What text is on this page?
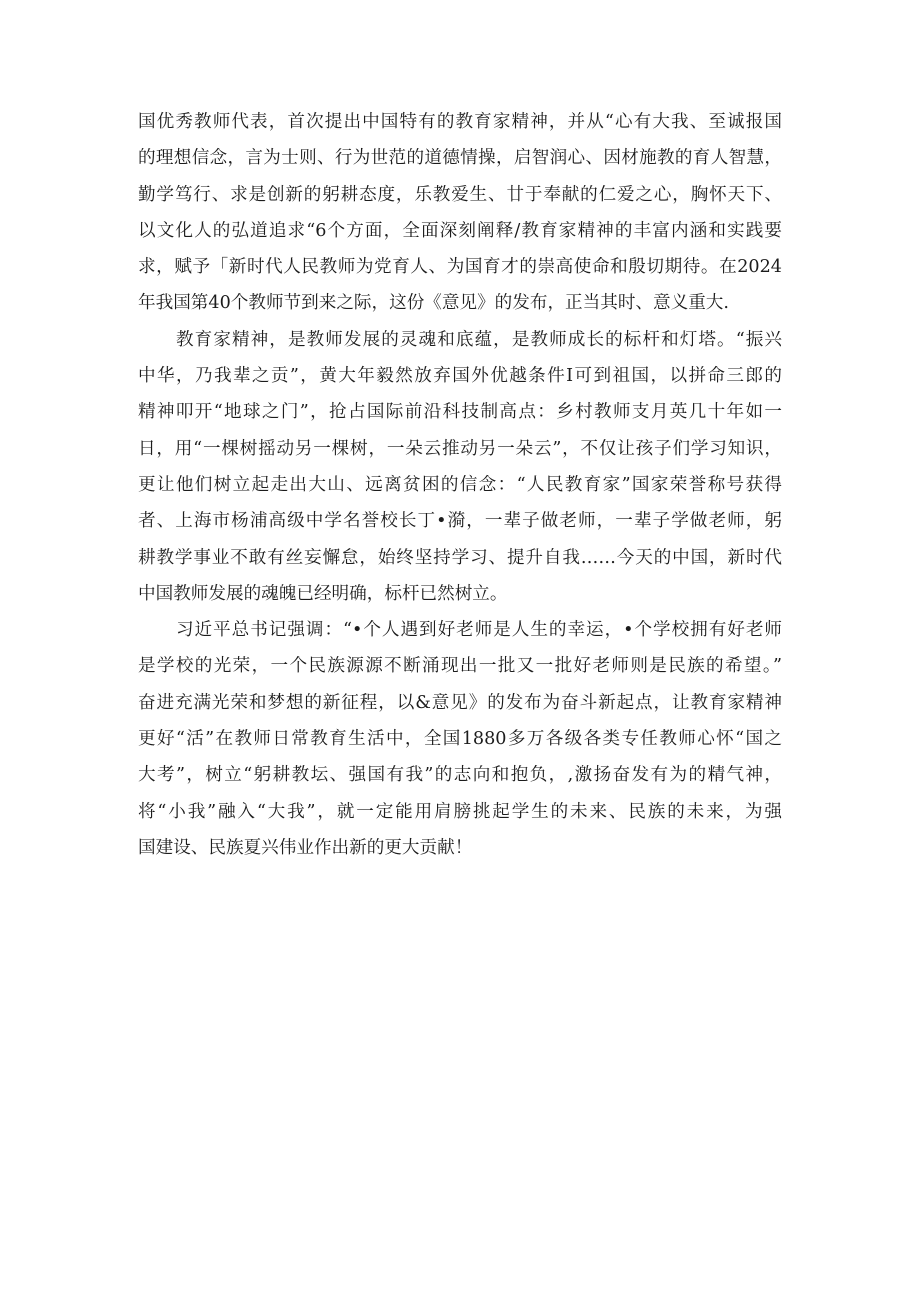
国优秀教师代表，首次提出中国特有的教育家精神，并从“心有大我、至诚报国
的理想信念，言为士则、行为世范的道德情操，启智润心、因材施教的育人智慧，
勤学笃行、求是创新的躬耕态度，乐教爱生、廿于奉献的仁爱之心，胸怀天下、
以文化人的弘道追求“6个方面，全面深刻阐释/教育家精神的丰富内涵和实践要
求，赋予「新时代人民教师为党育人、为国育才的崇高使命和殷切期待。在2024
年我国第40个教师节到来之际，这份《意见》的发布，正当其时、意义重大.
教育家精神，是教师发展的灵魂和底蕴，是教师成长的标杆和灯塔。“振兴
中华，乃我辈之贡”，黄大年毅然放弃国外优越条件I可到祖国，以拼命三郎的
精神叩开“地球之门”，抢占国际前沿科技制高点：乡村教师支月英几十年如一
日，用“一棵树摇动另一棵树，一朵云推动另一朵云”，不仅让孩子们学习知识，
更让他们树立起走出大山、远离贫困的信念：“人民教育家”国家荣誉称号获得
者、上海市杨浦高级中学名誉校长丁•漪，一辈子做老师，一辈子学做老师，躬
耕教学事业不敢有丝妄懈怠，始终坚持学习、提升自我……今天的中国，新时代
中国教师发展的魂魄已经明确，标杆已然树立。
习近平总书记强调：“•个人遇到好老师是人生的幸运，•个学校拥有好老师
是学校的光荣，一个民族源源不断涌现出一批又一批好老师则是民族的希望。”
奋进充满光荣和梦想的新征程，以&意见》的发布为奋斗新起点，让教育家精神
更好“活”在教师日常教育生活中，全国1880多万各级各类专任教师心怀“国之
大考”，树立“躬耕教坛、强国有我”的志向和抱负，,激扬奋发有为的精气神，
将“小我”融入“大我”，就一定能用肩膀挑起学生的未来、民族的未来，为强
国建设、民族夏兴伟业作出新的更大贡献！
